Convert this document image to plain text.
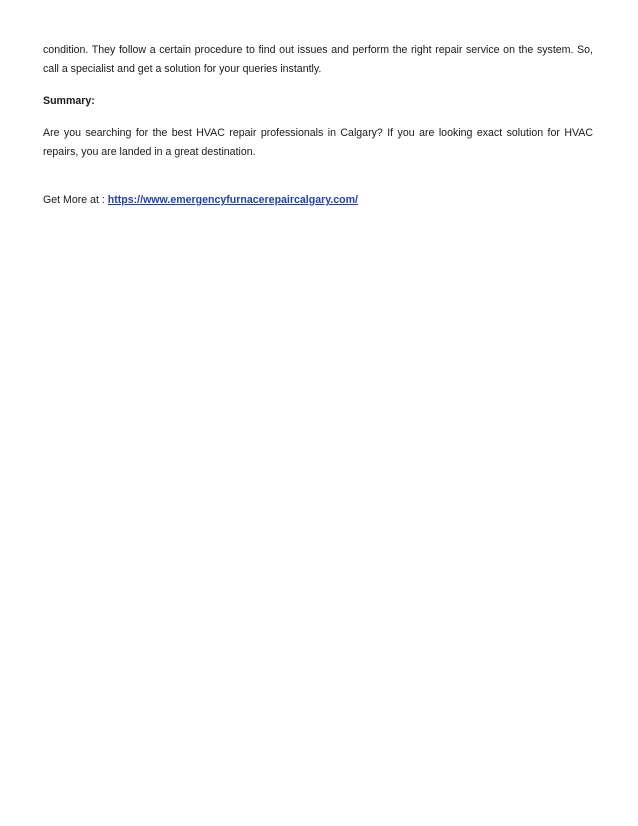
condition. They follow a certain procedure to find out issues and perform the right repair service on the system. So, call a specialist and get a solution for your queries instantly.

Summary:

Are you searching for the best HVAC repair professionals in Calgary? If you are looking exact solution for HVAC repairs, you are landed in a great destination.

Get More at : https://www.emergencyfurnacerepaircalgary.com/
